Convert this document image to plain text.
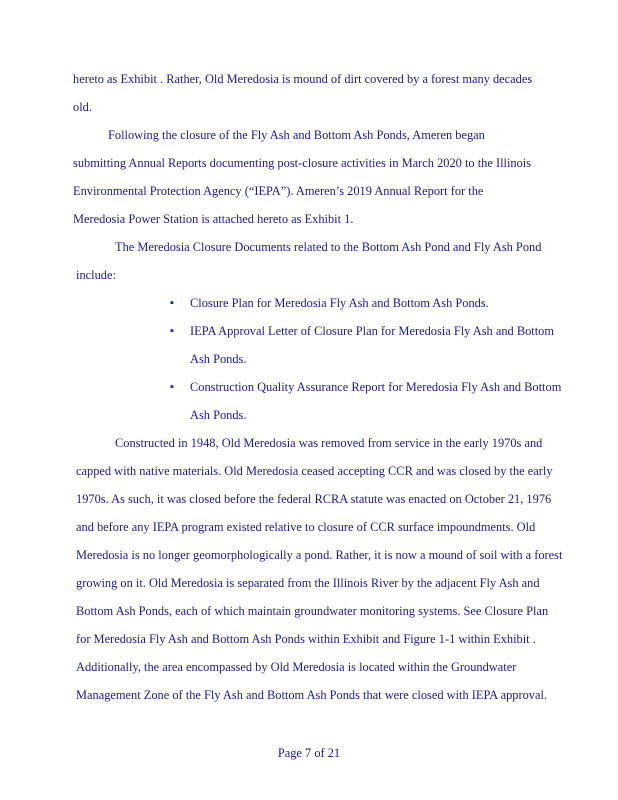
hereto as Exhibit . Rather, Old Meredosia is mound of dirt covered by a forest many decades
old.
Following the closure of the Fly Ash and Bottom Ash Ponds, Ameren began
submitting Annual Reports documenting post-closure activities in March 2020 to the Illinois
Environmental Protection Agency (“IEPA”). Ameren’s 2019 Annual Report for the
Meredosia Power Station is attached hereto as Exhibit 1.
The Meredosia Closure Documents related to the Bottom Ash Pond and Fly Ash Pond
include:
▪ Closure Plan for Meredosia Fly Ash and Bottom Ash Ponds.
▪ IEPA Approval Letter of Closure Plan for Meredosia Fly Ash and Bottom
Ash Ponds.
▪ Construction Quality Assurance Report for Meredosia Fly Ash and Bottom
Ash Ponds.
Constructed in 1948, Old Meredosia was removed from service in the early 1970s and
capped with native materials. Old Meredosia ceased accepting CCR and was closed by the early
1970s. As such, it was closed before the federal RCRA statute was enacted on October 21, 1976
and before any IEPA program existed relative to closure of CCR surface impoundments. Old
Meredosia is no longer geomorphologically a pond. Rather, it is now a mound of soil with a forest
growing on it. Old Meredosia is separated from the Illinois River by the adjacent Fly Ash and
Bottom Ash Ponds, each of which maintain groundwater monitoring systems. See Closure Plan
for Meredosia Fly Ash and Bottom Ash Ponds within Exhibit and Figure 1-1 within Exhibit .
Additionally, the area encompassed by Old Meredosia is located within the Groundwater
Management Zone of the Fly Ash and Bottom Ash Ponds that were closed with IEPA approval.
Page 7 of 21
